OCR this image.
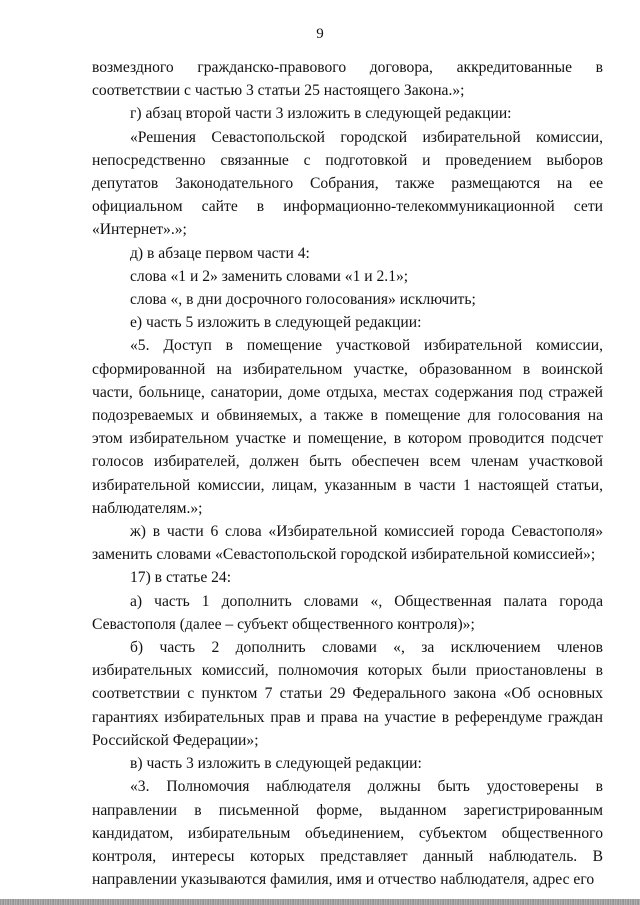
9

возмездного гражданско-правового договора, аккредитованные в соответствии с частью 3 статьи 25 настоящего Закона.»;

г) абзац второй части 3 изложить в следующей редакции:

«Решения Севастопольской городской избирательной комиссии, непосредственно связанные с подготовкой и проведением выборов депутатов Законодательного Собрания, также размещаются на ее официальном сайте в информационно-телекоммуникационной сети «Интернет».»;

д) в абзаце первом части 4:

слова «1 и 2» заменить словами «1 и 2.1»;

слова «, в дни досрочного голосования» исключить;

е) часть 5 изложить в следующей редакции:

«5. Доступ в помещение участковой избирательной комиссии, сформированной на избирательном участке, образованном в воинской части, больнице, санатории, доме отдыха, местах содержания под стражей подозреваемых и обвиняемых, а также в помещение для голосования на этом избирательном участке и помещение, в котором проводится подсчет голосов избирателей, должен быть обеспечен всем членам участковой избирательной комиссии, лицам, указанным в части 1 настоящей статьи, наблюдателям.»;

ж) в части 6 слова «Избирательной комиссией города Севастополя» заменить словами «Севастопольской городской избирательной комиссией»;

17) в статье 24:

а) часть 1 дополнить словами «, Общественная палата города Севастополя (далее – субъект общественного контроля)»;

б) часть 2 дополнить словами «, за исключением членов избирательных комиссий, полномочия которых были приостановлены в соответствии с пунктом 7 статьи 29 Федерального закона «Об основных гарантиях избирательных прав и права на участие в референдуме граждан Российской Федерации»;

в) часть 3 изложить в следующей редакции:

«3. Полномочия наблюдателя должны быть удостоверены в направлении в письменной форме, выданном зарегистрированным кандидатом, избирательным объединением, субъектом общественного контроля, интересы которых представляет данный наблюдатель. В направлении указываются фамилия, имя и отчество наблюдателя, адрес его
